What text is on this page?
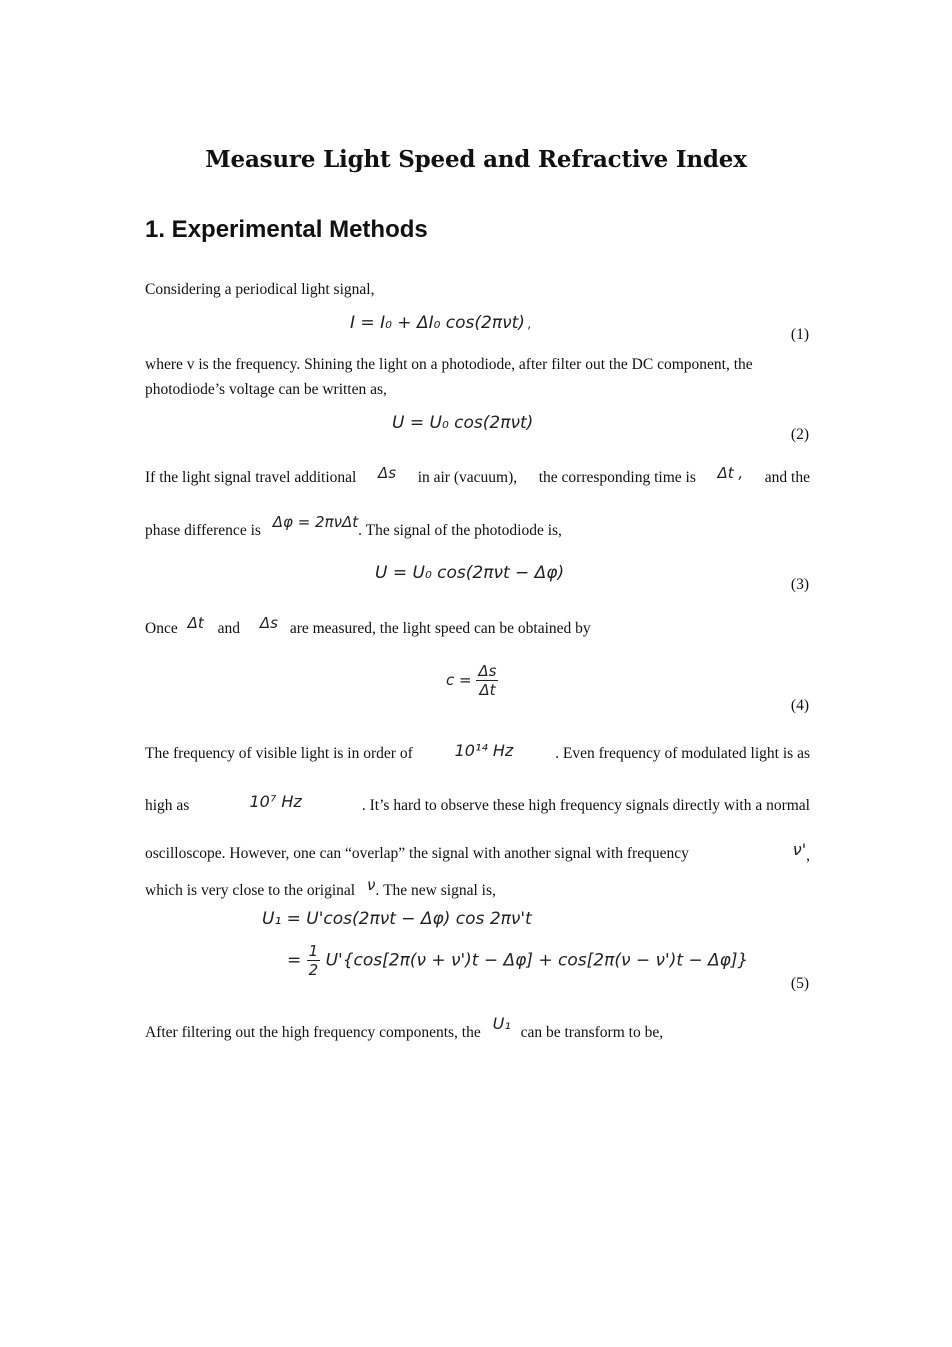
Measure Light Speed and Refractive Index
1. Experimental Methods
Considering a periodical light signal,
I = I₀ + ΔI₀ cos(2πνt) ,
(1)
where v is the frequency. Shining the light on a photodiode, after filter out the DC component, the
photodiode’s voltage can be written as,
U = U₀ cos(2πνt)
(2)
If the light signal travel additional Δs in air (vacuum), the corresponding time is Δt , and the
phase difference is Δφ = 2πνΔt. The signal of the photodiode is,
U = U₀ cos(2πνt − Δφ)
(3)
Once Δt and Δs are measured, the light speed can be obtained by
$c = \frac{\Delta s}{\Delta t}$
(4)
The frequency of visible light is in order of	10¹⁴ Hz	. Even frequency of modulated light is as
high as	10⁷ Hz	. It’s hard to observe these high frequency signals directly with a normal
oscilloscope. However, one can “overlap” the signal with another signal with frequency	ν',
which is very close to the original ν. The new signal is,
U₁ = U'cos(2πνt − Δφ) cos 2πν't
= $\frac{1}{2} U'\{\cos[2\pi(\nu + \nu')t - \Delta\varphi] + \cos[2\pi(\nu - \nu')t - \Delta\varphi]\}$
(5)
After filtering out the high frequency components, the U₁ can be transform to be,
